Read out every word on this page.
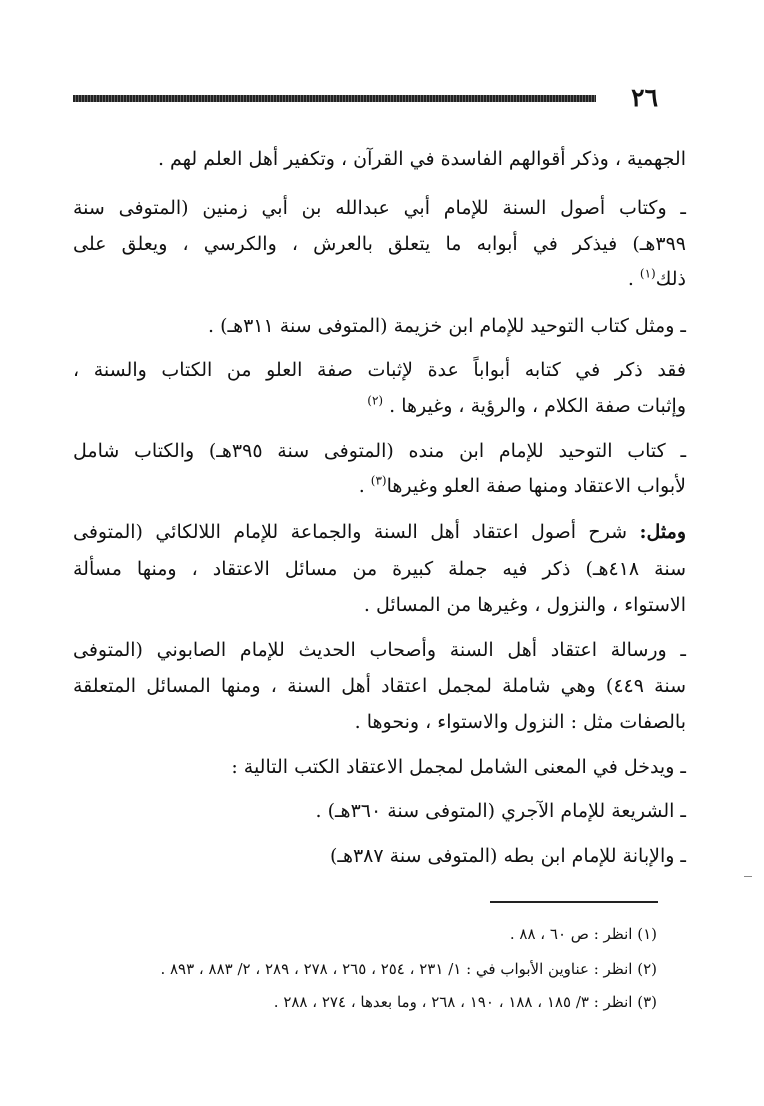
٢٦
الجهمية ، وذكر أقوالهم الفاسدة في القرآن ، وتكفير أهل العلم لهم .
ـ وكتاب أصول السنة للإمام أبي عبدالله بن أبي زمنين (المتوفى سنة
٣٩٩هـ) فيذكر في أبوابه ما يتعلق بالعرش ، والكرسي ، ويعلق على
ذلك$^{(١)}$ .
ـ ومثل كتاب التوحيد للإمام ابن خزيمة (المتوفى سنة ٣١١هـ) .
فقد ذكر في كتابه أبواباً عدة لإثبات صفة العلو من الكتاب والسنة ،
وإثبات صفة الكلام ، والرؤية ، وغيرها . $^{(٢)}$
ـ كتاب التوحيد للإمام ابن منده (المتوفى سنة ٣٩٥هـ) والكتاب شامل
لأبواب الاعتقاد ومنها صفة العلو وغيرها$^{(٣)}$ .
ومثل: شرح أصول اعتقاد أهل السنة والجماعة للإمام اللالكائي (المتوفى
سنة ٤١٨هـ) ذكر فيه جملة كبيرة من مسائل الاعتقاد ، ومنها مسألة
الاستواء ، والنزول ، وغيرها من المسائل .
ـ ورسالة اعتقاد أهل السنة وأصحاب الحديث للإمام الصابوني (المتوفى
سنة ٤٤٩) وهي شاملة لمجمل اعتقاد أهل السنة ، ومنها المسائل المتعلقة
بالصفات مثل : النزول والاستواء ، ونحوها .
ـ ويدخل في المعنى الشامل لمجمل الاعتقاد الكتب التالية :
ـ الشريعة للإمام الآجري (المتوفى سنة ٣٦٠هـ) .
ـ والإبانة للإمام ابن بطه (المتوفى سنة ٣٨٧هـ)
(١) انظر : ص ٦٠ ، ٨٨ .
(٢) انظر : عناوين الأبواب في : ١/ ٢٣١ ، ٢٥٤ ، ٢٦٥ ، ٢٧٨ ، ٢٨٩ ، ٢/ ٨٨٣ ، ٨٩٣ .
(٣) انظر : ٣/ ١٨٥ ، ١٨٨ ، ١٩٠ ، ٢٦٨ ، وما بعدها ، ٢٧٤ ، ٢٨٨ .
